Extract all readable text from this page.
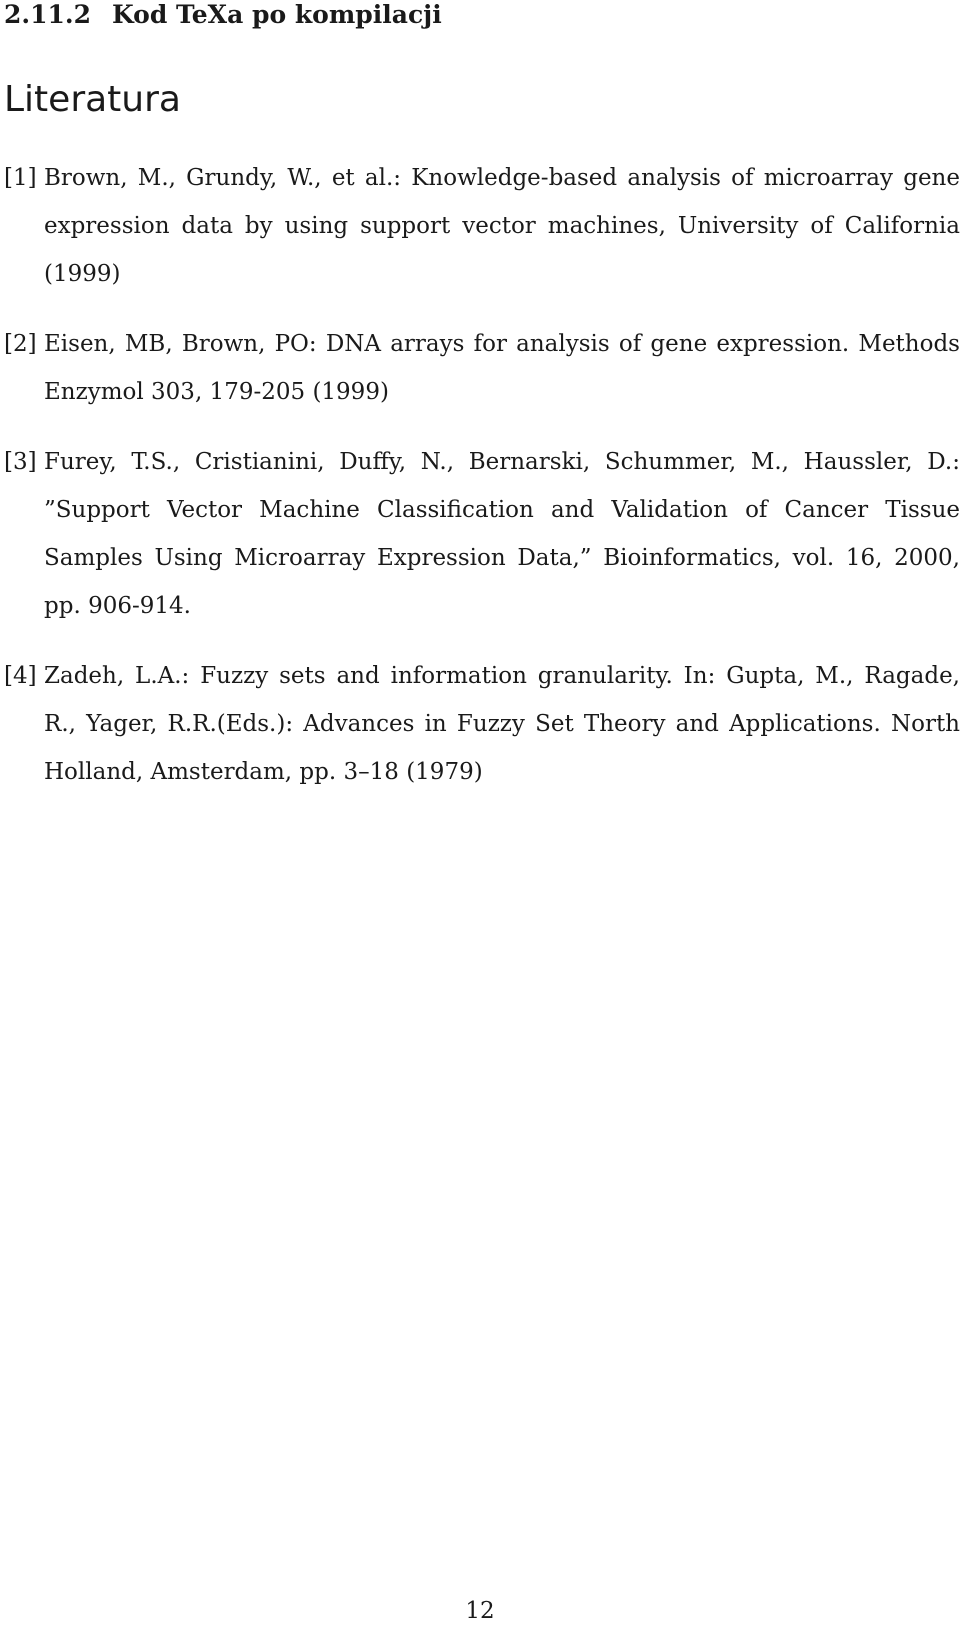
2.11.2 Kod TeXa po kompilacji
Literatura
[1] Brown, M., Grundy, W., et al.: Knowledge-based analysis of microarray gene expression data by using support vector machines, University of California (1999)
[2] Eisen, MB, Brown, PO: DNA arrays for analysis of gene expression. Methods Enzymol 303, 179-205 (1999)
[3] Furey, T.S., Cristianini, Duffy, N., Bernarski, Schummer, M., Haussler, D.: ”Support Vector Machine Classification and Validation of Cancer Tissue Samples Using Microarray Expression Data,” Bioinformatics, vol. 16, 2000, pp. 906-914.
[4] Zadeh, L.A.: Fuzzy sets and information granularity. In: Gupta, M., Ragade, R., Yager, R.R.(Eds.): Advances in Fuzzy Set Theory and Applications. North Holland, Amsterdam, pp. 3–18 (1979)
12
